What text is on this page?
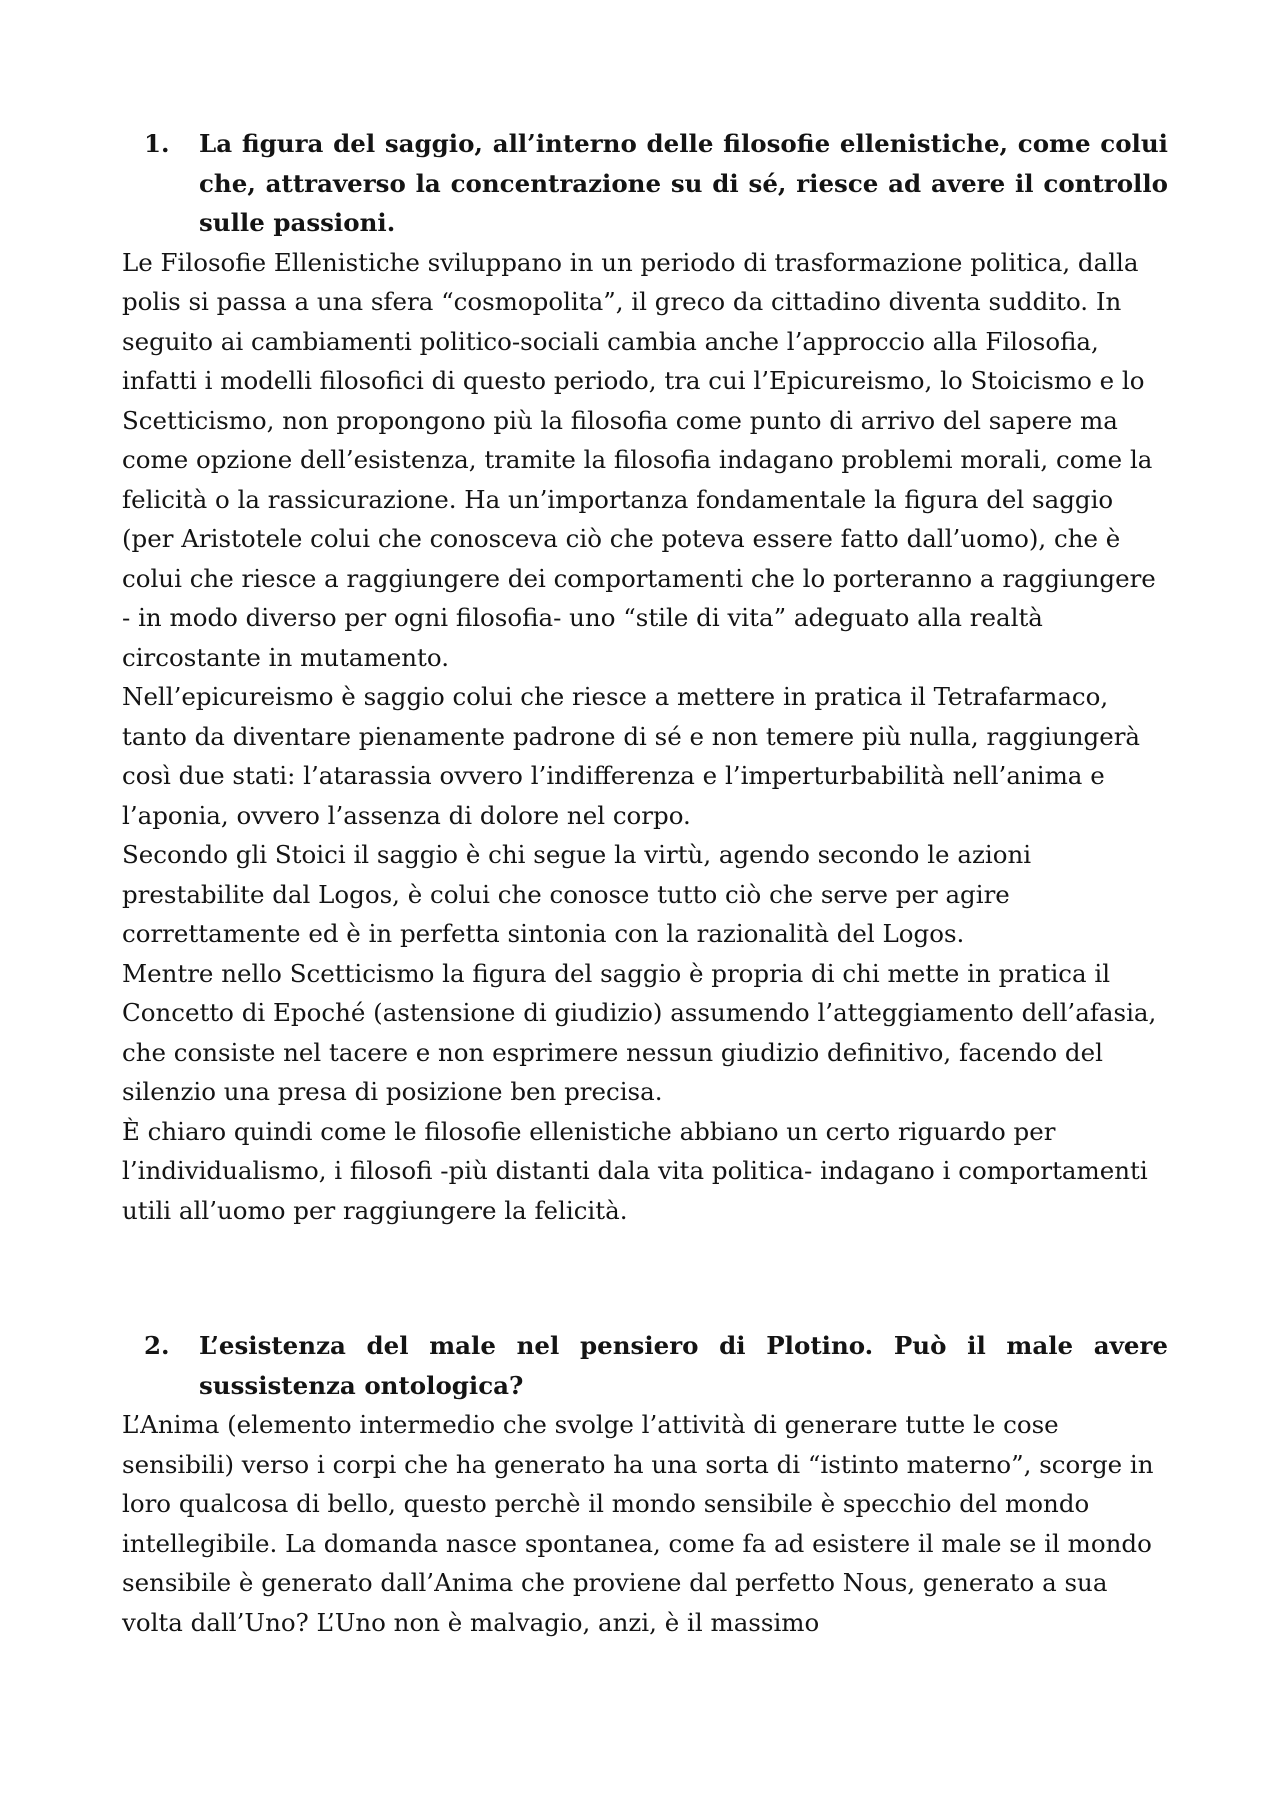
1.	La figura del saggio, all’interno delle filosofie ellenistiche, come colui che, attraverso la concentrazione su di sé, riesce ad avere il controllo sulle passioni.

Le Filosofie Ellenistiche sviluppano in un periodo di trasformazione politica, dalla polis si passa a una sfera “cosmopolita”, il greco da cittadino diventa suddito. In seguito ai cambiamenti politico-sociali cambia anche l’approccio alla Filosofia, infatti i modelli filosofici di questo periodo, tra cui l’Epicureismo, lo Stoicismo e lo Scetticismo, non propongono più la filosofia come punto di arrivo del sapere ma come opzione dell’esistenza, tramite la filosofia indagano problemi morali, come la felicità o la rassicurazione. Ha un’importanza fondamentale la figura del saggio (per Aristotele colui che conosceva ciò che poteva essere fatto dall’uomo), che è colui che riesce a raggiungere dei comportamenti che lo porteranno a raggiungere - in modo diverso per ogni filosofia- uno “stile di vita” adeguato alla realtà circostante in mutamento.

Nell’epicureismo è saggio colui che riesce a mettere in pratica il Tetrafarmaco, tanto da diventare pienamente padrone di sé e non temere più nulla, raggiungerà così due stati: l’atarassia ovvero l’indifferenza e l’imperturbabilità nell’anima e l’aponia, ovvero l’assenza di dolore nel corpo.

Secondo gli Stoici il saggio è chi segue la virtù, agendo secondo le azioni prestabilite dal Logos, è colui che conosce tutto ciò che serve per agire correttamente ed è in perfetta sintonia con la razionalità del Logos.

Mentre nello Scetticismo la figura del saggio è propria di chi mette in pratica il Concetto di Epoché (astensione di giudizio) assumendo l’atteggiamento dell’afasia, che consiste nel tacere e non esprimere nessun giudizio definitivo, facendo del silenzio una presa di posizione ben precisa.

È chiaro quindi come le filosofie ellenistiche abbiano un certo riguardo per l’individualismo, i filosofi -più distanti dala vita politica- indagano i comportamenti utili all’uomo per raggiungere la felicità.

2.	L’esistenza del male nel pensiero di Plotino. Può il male avere sussistenza ontologica?

L’Anima (elemento intermedio che svolge l’attività di generare tutte le cose sensibili) verso i corpi che ha generato ha una sorta di “istinto materno”, scorge in loro qualcosa di bello, questo perchè il mondo sensibile è specchio del mondo intellegibile. La domanda nasce spontanea, come fa ad esistere il male se il mondo sensibile è generato dall’Anima che proviene dal perfetto Nous, generato a sua volta dall’Uno? L’Uno non è malvagio, anzi, è il massimo
